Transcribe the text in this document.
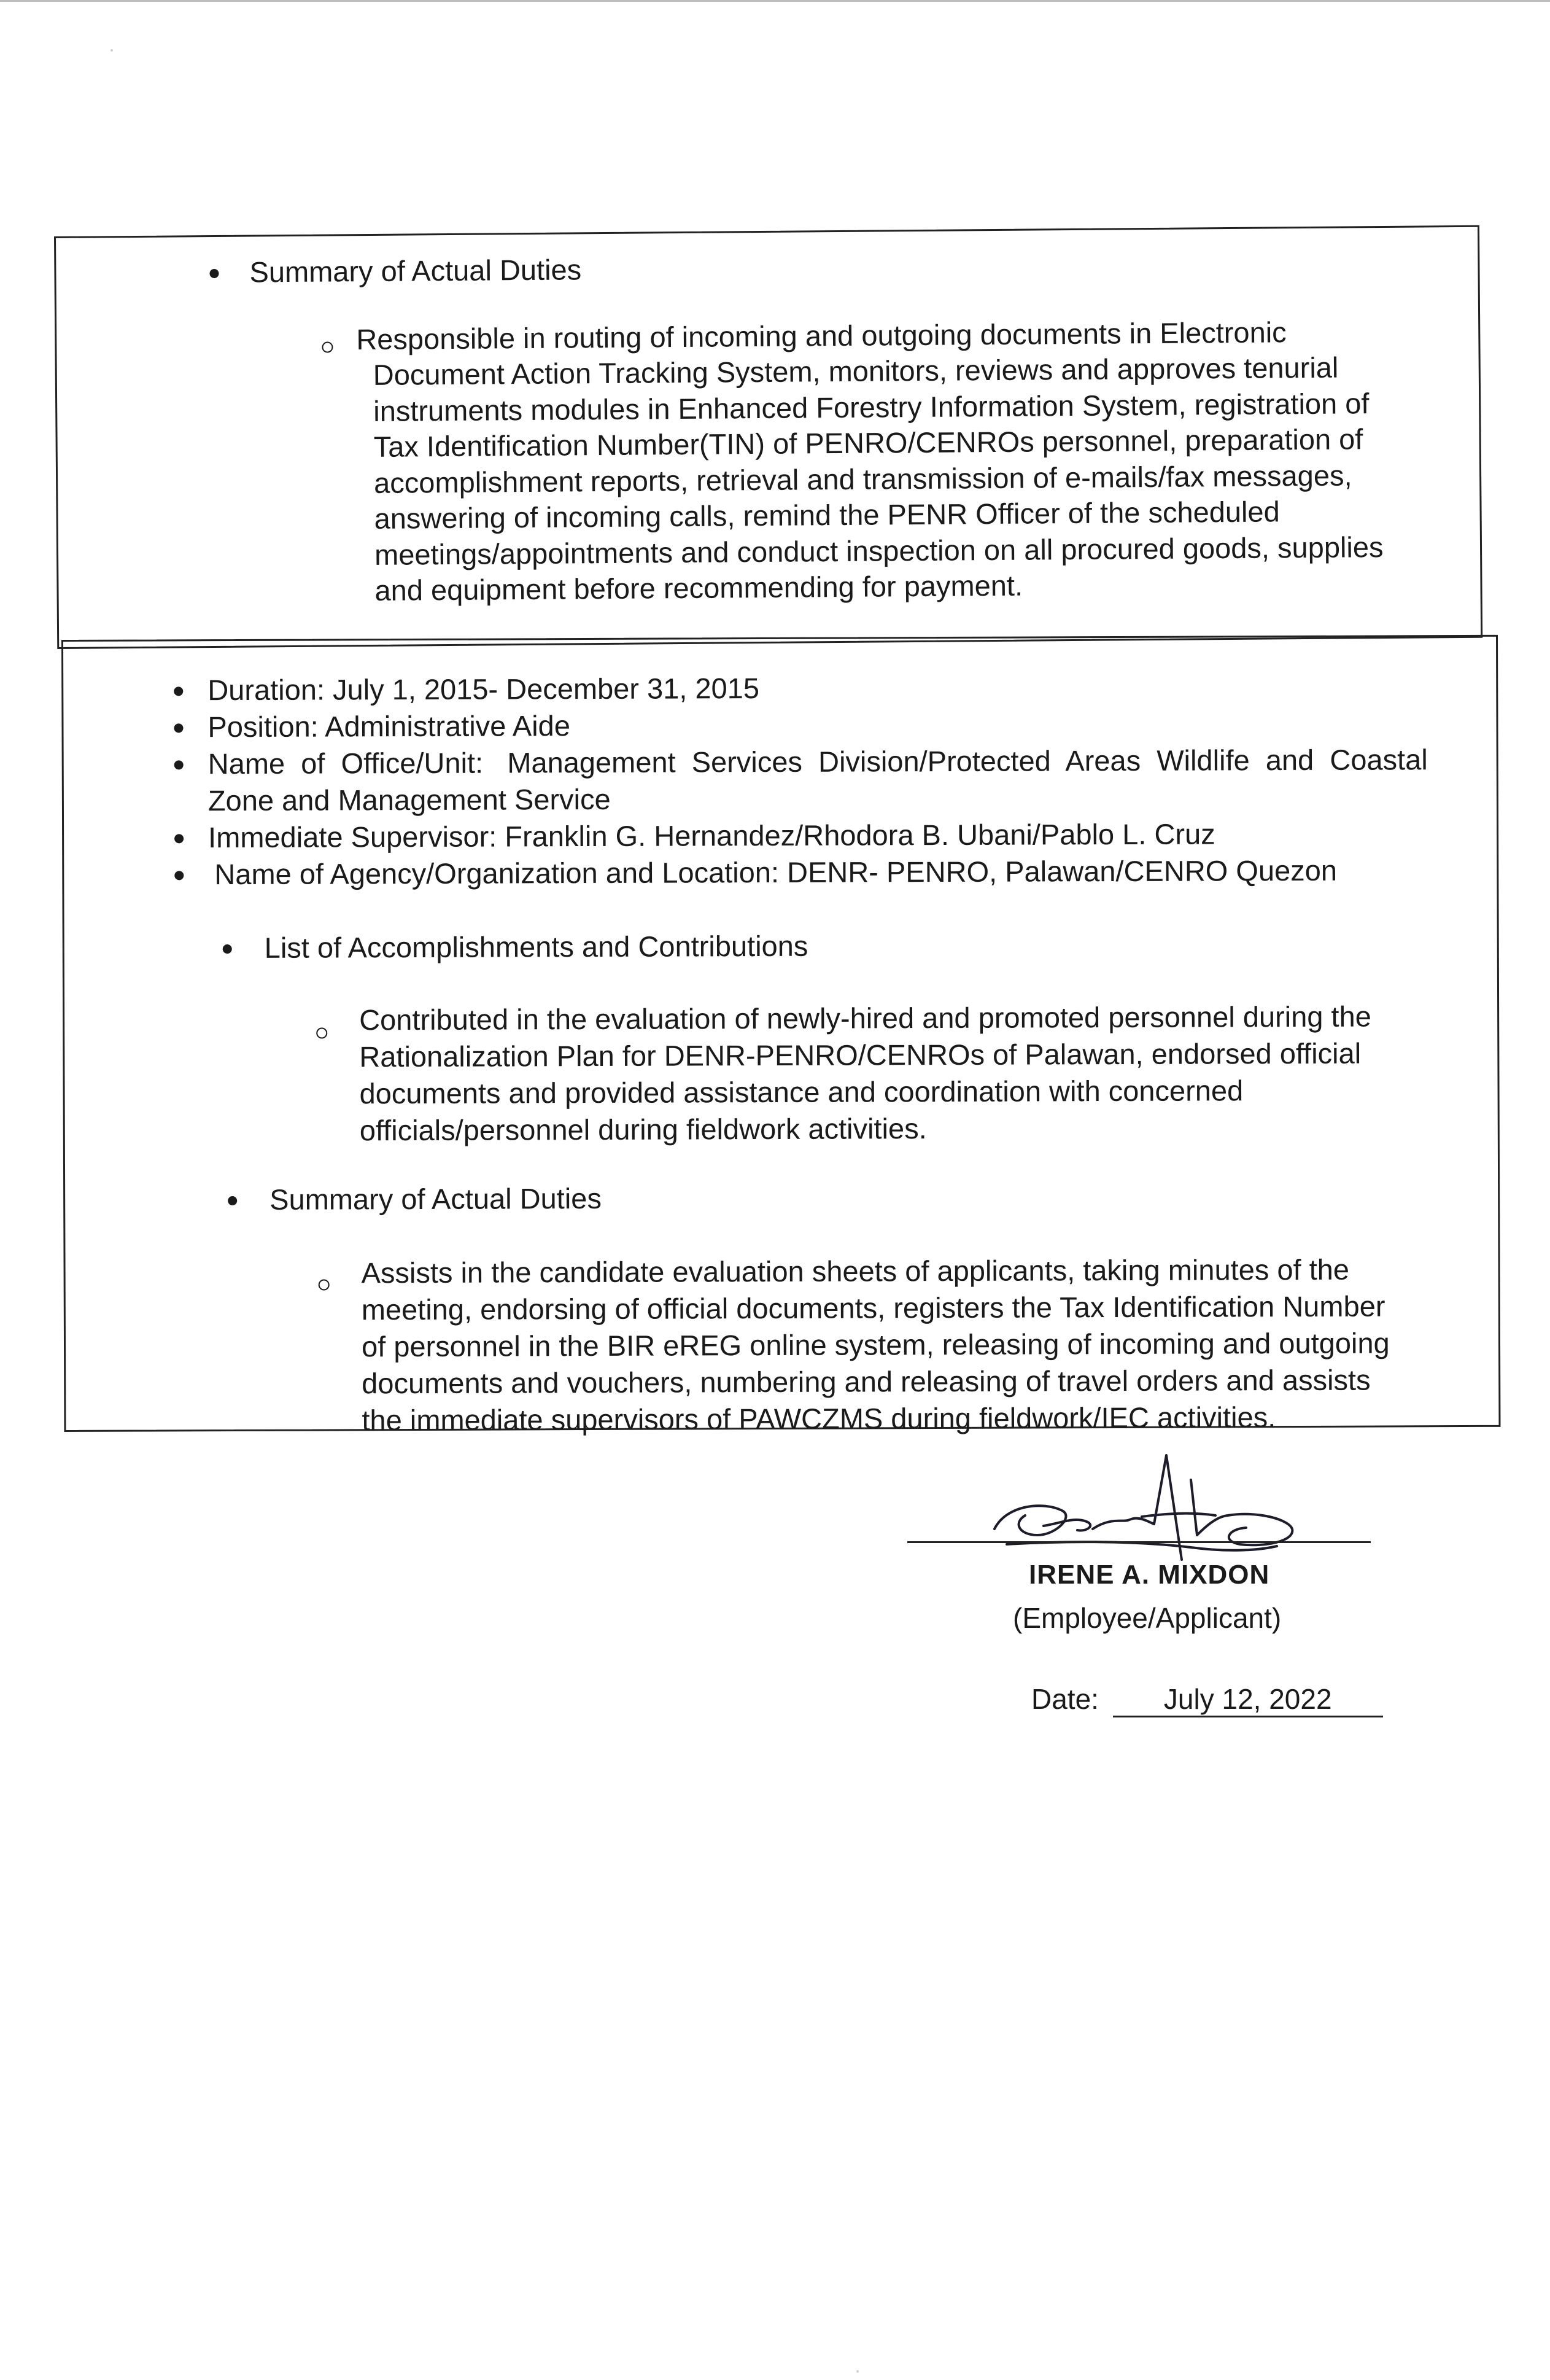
Summary of Actual Duties
Responsible in routing of incoming and outgoing documents in Electronic
Document Action Tracking System, monitors, reviews and approves tenurial
instruments modules in Enhanced Forestry Information System, registration of
Tax Identification Number(TIN) of PENRO/CENROs personnel, preparation of
accomplishment reports, retrieval and transmission of e-mails/fax messages,
answering of incoming calls, remind the PENR Officer of the scheduled
meetings/appointments and conduct inspection on all procured goods, supplies
and equipment before recommending for payment.
Duration: July 1, 2015- December 31, 2015
Position: Administrative Aide
Name  of  Office/Unit:   Management  Services  Division/Protected  Areas  Wildlife  and  Coastal
Zone and Management Service
Immediate Supervisor: Franklin G. Hernandez/Rhodora B. Ubani/Pablo L. Cruz
Name of Agency/Organization and Location: DENR- PENRO, Palawan/CENRO Quezon
List of Accomplishments and Contributions
Contributed in the evaluation of newly-hired and promoted personnel during the
Rationalization Plan for DENR-PENRO/CENROs of Palawan, endorsed official
documents and provided assistance and coordination with concerned
officials/personnel during fieldwork activities.
Summary of Actual Duties
Assists in the candidate evaluation sheets of applicants, taking minutes of the
meeting, endorsing of official documents, registers the Tax Identification Number
of personnel in the BIR eREG online system, releasing of incoming and outgoing
documents and vouchers, numbering and releasing of travel orders and assists
the immediate supervisors of PAWCZMS during fieldwork/IEC activities.
IRENE A. MIXDON
(Employee/Applicant)
Date: July 12, 2022
